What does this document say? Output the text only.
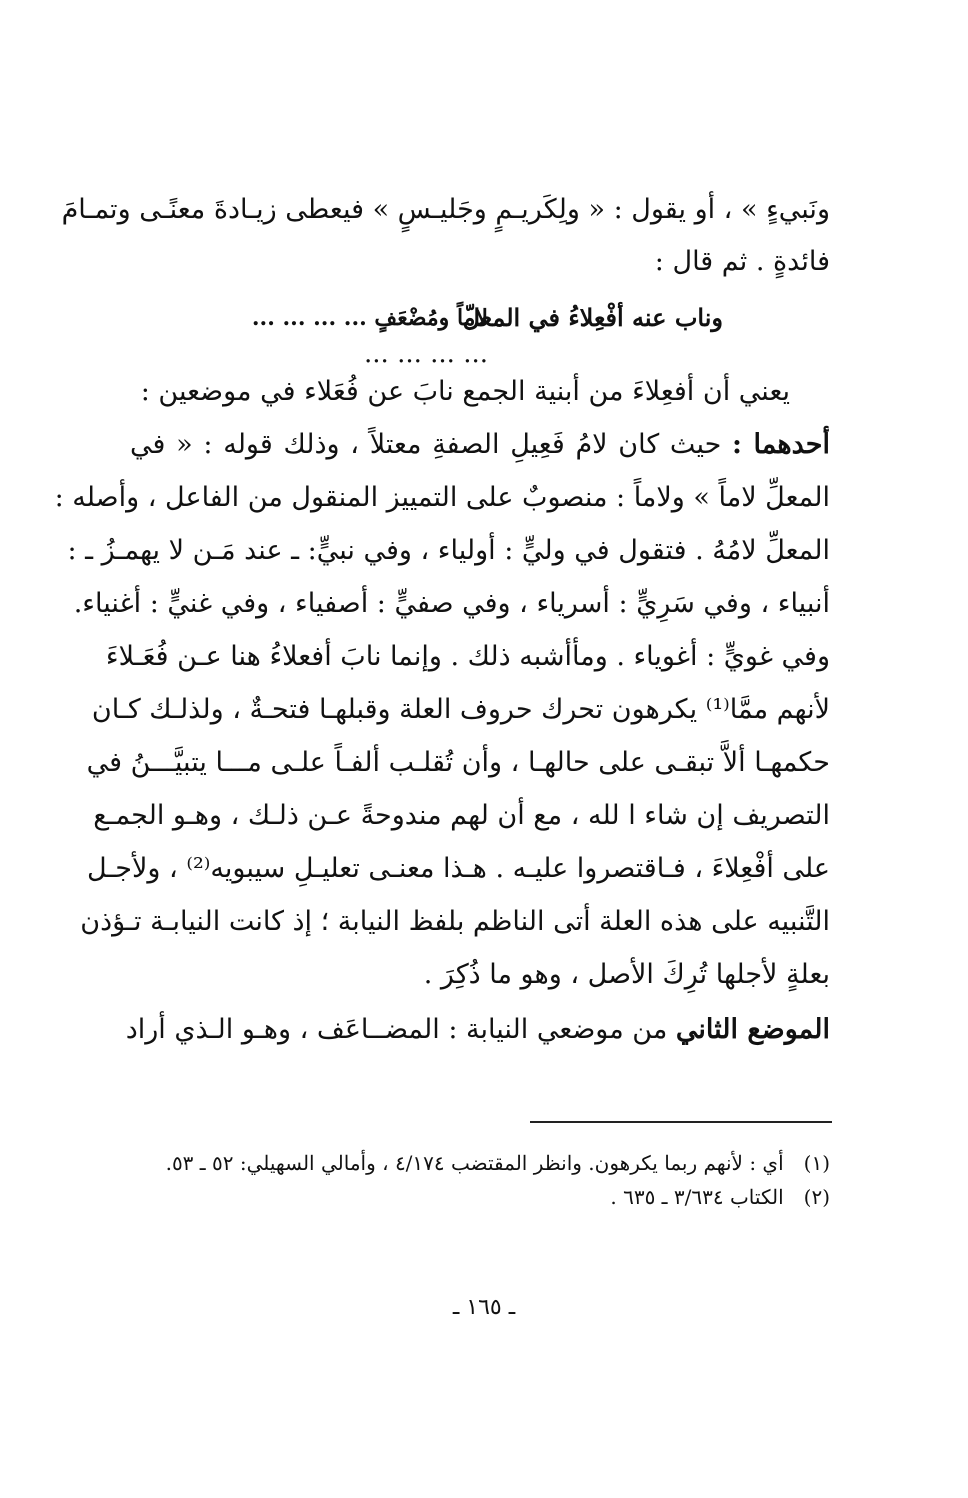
ونَبيءٍ » ، أو يقول : « ولِكَريـمٍ وجَليـسٍ » فيعطى زيـادةَ معنًـى وتمـامَ
فائدةٍ . ثم قال :
وناب عنه أفْعِلاءُ في المعلّ
لاماً ومُضْعَفٍ ... ... ... ...
... ... ... ...
يعني أن أفعِلاءَ من أبنية الجمع نابَ عن فُعَلاء في موضعين :
أحدهما : حيث كان لامُ فَعِيلِ الصفةِ معتلاً ، وذلك قوله : « في
المعلِّ لاماً » ولاماً : منصوبٌ على التمييز المنقول من الفاعل ، وأصله :
المعلِّ لامُهُ . فتقول في وليٍّ : أولياء ، وفي نبيٍّ: ـ عند مَـن لا يهمـزُ ـ :
أنبياء ، وفي سَرِيٍّ : أسرياء ، وفي صفيٍّ : أصفياء ، وفي غنيٍّ : أغنياء.
وفي غويٍّ : أغوياء . ومأأشبه ذلك . وإنما نابَ أفعلاءُ هنا عـن فُعَـلاءَ
لأنهم ممَّا⁽¹⁾ يكرهون تحرك حروف العلة وقبلهـا فتحـةٌ ، ولذلـك كـان
حكمهـا ألاَّ تبقـى على حالهـا ، وأن تُقلـب ألفـاً علـى مـــا يتبيَّـــنُ في
التصريف إن شاء ا لله ، مع أن لهم مندوحةً عـن ذلـك ، وهـو الجمـع
على أفْعِلاءَ ، فـاقتصروا عليـه . هـذا معنـى تعليـلِ سيبويه⁽²⁾ ، ولأجـل
التَّنبيه على هذه العلة أتى الناظم بلفظ النيابة ؛ إذ كانت النيابـة تـؤذن
بعلةٍ لأجلها تُرِكَ الأصل ، وهو ما ذُكِرَ .
الموضع الثاني من موضعي النيابة : المضــاعَف ، وهـو الـذي أراد
(١) أي : لأنهم ربما يكرهون. وانظر المقتضب ٤/١٧٤ ، وأمالي السهيلي: ٥٢ ـ ٥٣.
(٢) الكتاب ٣/٦٣٤ ـ ٦٣٥ .
ـ ١٦٥ ـ
